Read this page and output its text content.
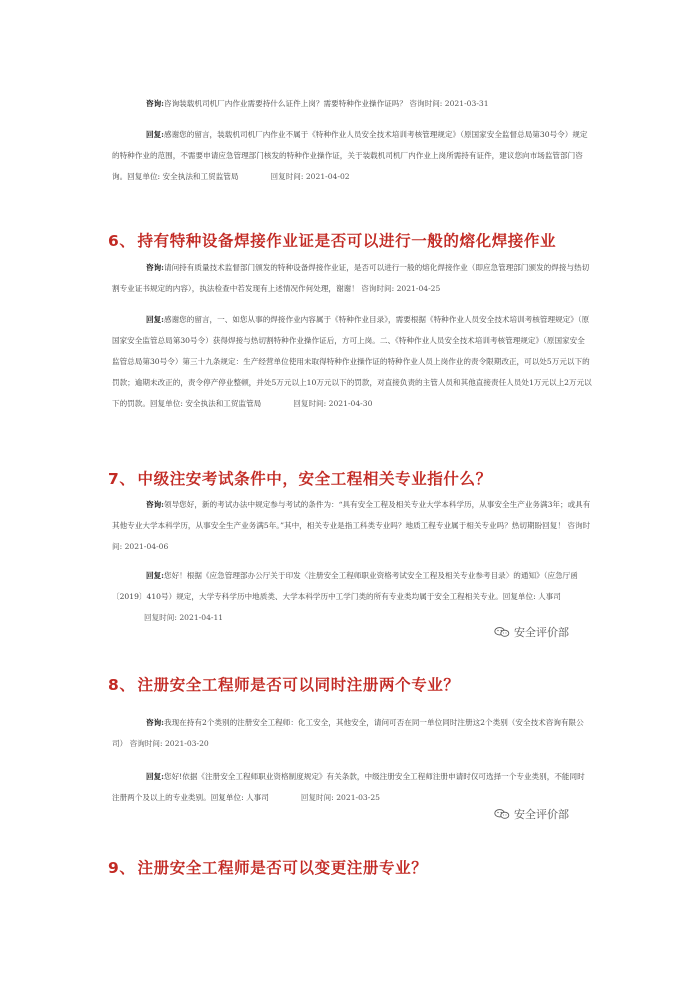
咨询:咨询装载机司机厂内作业需要持什么证件上岗？需要特种作业操作证吗？ 咨询时间: 2021-03-31
回复:感谢您的留言，装载机司机厂内作业不属于《特种作业人员安全技术培训考核管理规定》（原国家安全监督总局第30号令）规定的特种作业的范围，不需要申请应急管理部门核发的特种作业操作证，关于装载机司机厂内作业上岗所需持有证件，建议您向市场监管部门咨询。回复单位: 安全执法和工贸监管局	回复时间: 2021-04-02
6、 持有特种设备焊接作业证是否可以进行一般的熔化焊接作业
咨询:请问持有质量技术监督部门颁发的特种设备焊接作业证，是否可以进行一般的熔化焊接作业（即应急管理部门颁发的焊接与热切割专业证书规定的内容），执法检查中若发现有上述情况作何处理，谢谢！ 咨询时间: 2021-04-25
回复:感谢您的留言，一、如您从事的焊接作业内容属于《特种作业目录》，需要根据《特种作业人员安全技术培训考核管理规定》（原国家安全监管总局第30号令）获得焊接与热切割特种作业操作证后，方可上岗。二、《特种作业人员安全技术培训考核管理规定》（原国家安全监管总局第30号令）第三十九条规定：生产经营单位使用未取得特种作业操作证的特种作业人员上岗作业的责令限期改正，可以处5万元以下的罚款；逾期未改正的，责令停产停业整顿，并处5万元以上10万元以下的罚款，对直接负责的主管人员和其他直接责任人员处1万元以上2万元以下的罚款。回复单位: 安全执法和工贸监管局	回复时间: 2021-04-30
7、 中级注安考试条件中，安全工程相关专业指什么？
咨询:领导您好，新的考试办法中规定参与考试的条件为：“具有安全工程及相关专业大学本科学历，从事安全生产业务满3年；或具有其他专业大学本科学历，从事安全生产业务满5年。”其中，相关专业是指工科类专业吗？地质工程专业属于相关专业吗？热切期盼回复！ 咨询时间: 2021-04-06
回复:您好！根据《应急管理部办公厅关于印发〈注册安全工程师职业资格考试安全工程及相关专业参考目录〉的通知》（应急厅函〔2019〕410号）规定，大学专科学历中地质类、大学本科学历中工学门类的所有专业类均属于安全工程相关专业。回复单位: 人事司回复时间: 2021-04-11
安全评价部
8、 注册安全工程师是否可以同时注册两个专业？
咨询:我现在持有2个类别的注册安全工程师：化工安全，其他安全，请问可否在同一单位同时注册这2个类别（安全技术咨询有限公司） 咨询时间: 2021-03-20
回复:您好!依据《注册安全工程师职业资格制度规定》有关条款，中级注册安全工程师注册申请时仅可选择一个专业类别，不能同时注册两个及以上的专业类别。回复单位: 人事司	回复时间: 2021-03-25
安全评价部
9、 注册安全工程师是否可以变更注册专业？
